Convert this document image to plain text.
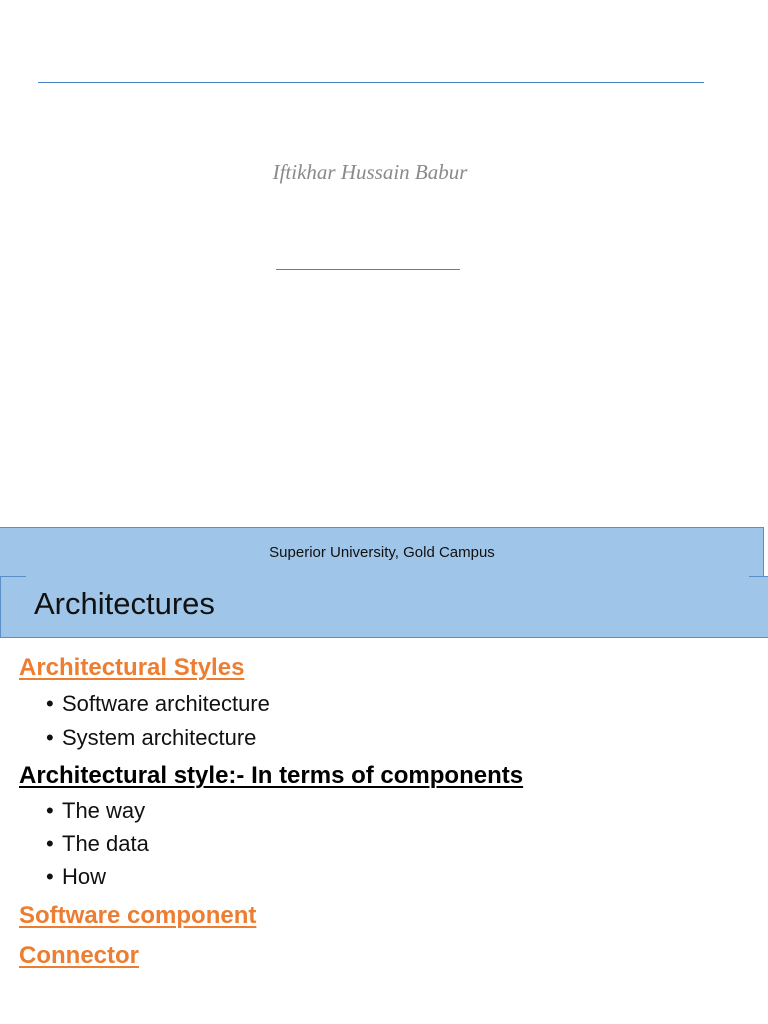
Iftikhar Hussain Babur
Superior University, Gold Campus
Architectures
Architectural Styles
• Software architecture
• System architecture
Architectural style:- In terms of components
• The way
• The data
• How
Software component
Connector
